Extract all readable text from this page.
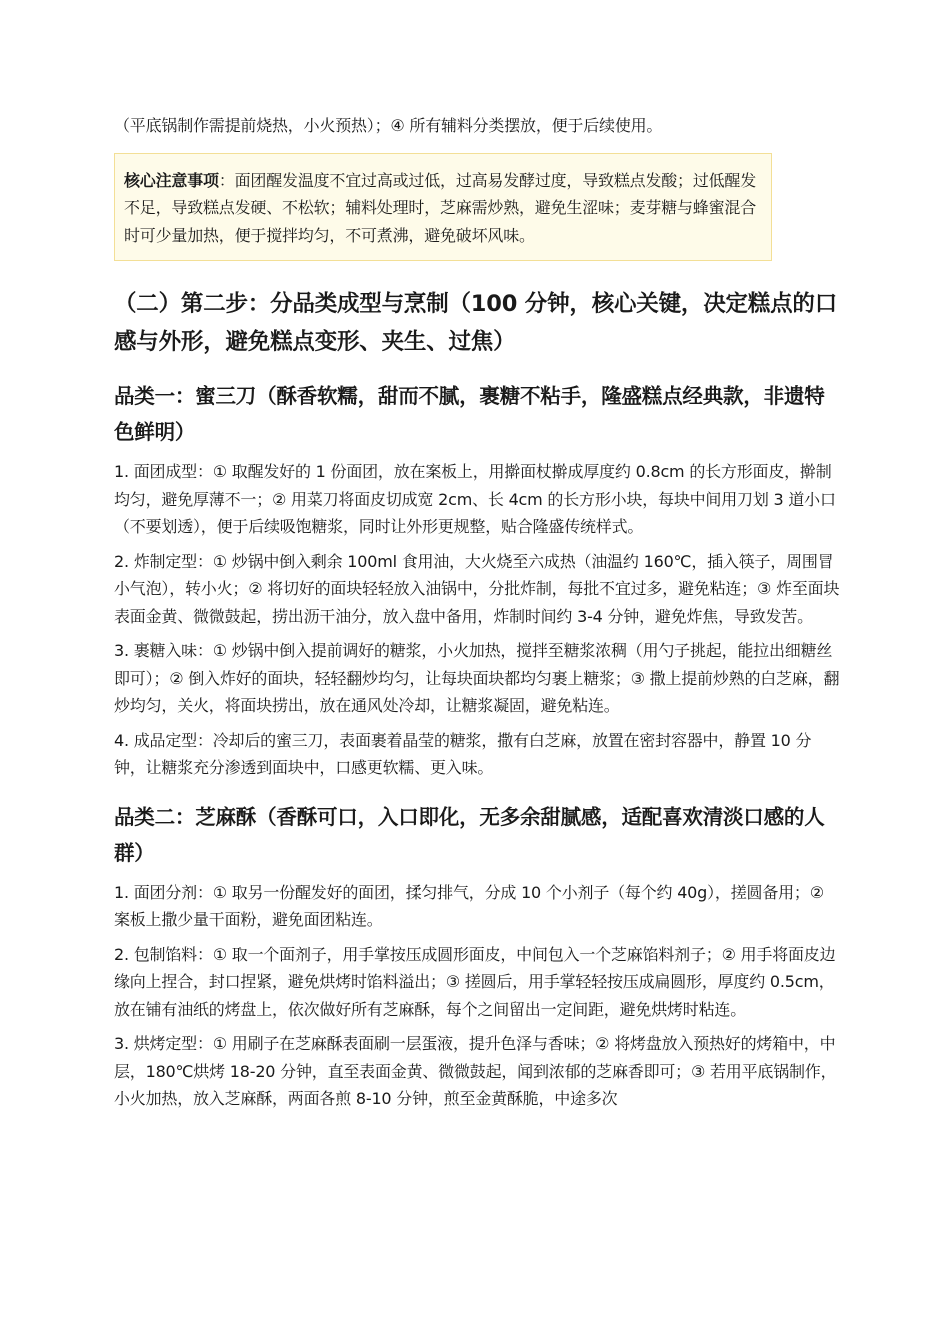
（平底锅制作需提前烧热，小火预热）；④ 所有辅料分类摆放，便于后续使用。

核心注意事项：面团醒发温度不宜过高或过低，过高易发酵过度，导致糕点发酸；过低醒发不足，导致糕点发硬、不松软；辅料处理时，芝麻需炒熟，避免生涩味；麦芽糖与蜂蜜混合时可少量加热，便于搅拌均匀，不可煮沸，避免破坏风味。
（二）第二步：分品类成型与烹制（100 分钟，核心关键，决定糕点的口感与外形，避免糕点变形、夹生、过焦）
品类一：蜜三刀（酥香软糯，甜而不腻，裹糖不粘手，隆盛糕点经典款，非遗特色鲜明）

1. 面团成型：① 取醒发好的 1 份面团，放在案板上，用擀面杖擀成厚度约 0.8cm 的长方形面皮，擀制均匀，避免厚薄不一；② 用菜刀将面皮切成宽 2cm、长 4cm 的长方形小块，每块中间用刀划 3 道小口（不要划透），便于后续吸饱糖浆，同时让外形更规整，贴合隆盛传统样式。

2. 炸制定型：① 炒锅中倒入剩余 100ml 食用油，大火烧至六成热（油温约 160℃，插入筷子，周围冒小气泡），转小火；② 将切好的面块轻轻放入油锅中，分批炸制，每批不宜过多，避免粘连；③ 炸至面块表面金黄、微微鼓起，捞出沥干油分，放入盘中备用，炸制时间约 3-4 分钟，避免炸焦，导致发苦。

3. 裹糖入味：① 炒锅中倒入提前调好的糖浆，小火加热，搅拌至糖浆浓稠（用勺子挑起，能拉出细糖丝即可）；② 倒入炸好的面块，轻轻翻炒均匀，让每块面块都均匀裹上糖浆；③ 撒上提前炒熟的白芝麻，翻炒均匀，关火，将面块捞出，放在通风处冷却，让糖浆凝固，避免粘连。

4. 成品定型：冷却后的蜜三刀，表面裹着晶莹的糖浆，撒有白芝麻，放置在密封容器中，静置 10 分钟，让糖浆充分渗透到面块中，口感更软糯、更入味。

品类二：芝麻酥（香酥可口，入口即化，无多余甜腻感，适配喜欢清淡口感的人群）

1. 面团分剂：① 取另一份醒发好的面团，揉匀排气，分成 10 个小剂子（每个约 40g），搓圆备用；② 案板上撒少量干面粉，避免面团粘连。

2. 包制馅料：① 取一个面剂子，用手掌按压成圆形面皮，中间包入一个芝麻馅料剂子；② 用手将面皮边缘向上捏合，封口捏紧，避免烘烤时馅料溢出；③ 搓圆后，用手掌轻轻按压成扁圆形，厚度约 0.5cm，放在铺有油纸的烤盘上，依次做好所有芝麻酥，每个之间留出一定间距，避免烘烤时粘连。

3. 烘烤定型：① 用刷子在芝麻酥表面刷一层蛋液，提升色泽与香味；② 将烤盘放入预热好的烤箱中，中层，180℃烘烤 18-20 分钟，直至表面金黄、微微鼓起，闻到浓郁的芝麻香即可；③ 若用平底锅制作，小火加热，放入芝麻酥，两面各煎 8-10 分钟，煎至金黄酥脆，中途多次
